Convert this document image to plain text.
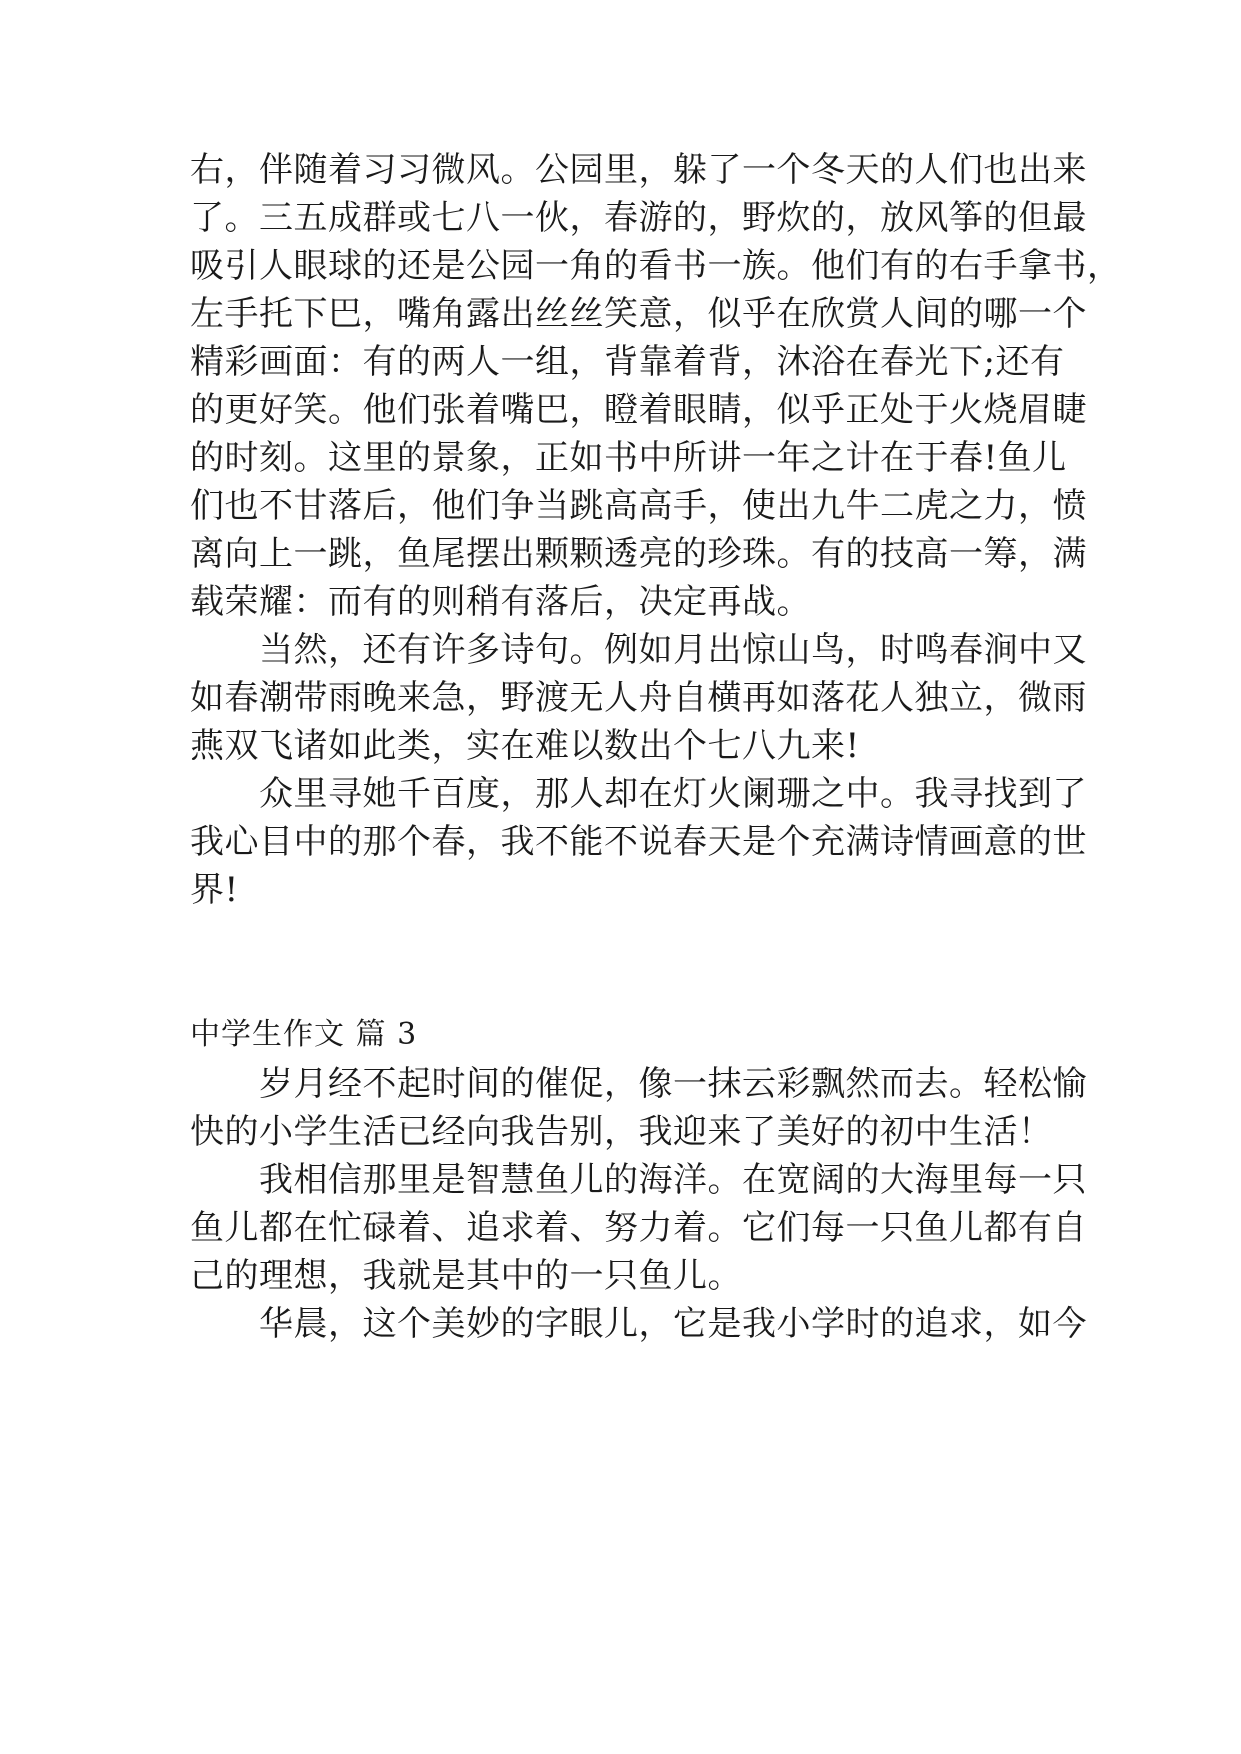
右，伴随着习习微风。公园里，躲了一个冬天的人们也出来
了。三五成群或七八一伙，春游的，野炊的，放风筝的但最
吸引人眼球的还是公园一角的看书一族。他们有的右手拿书，
左手托下巴，嘴角露出丝丝笑意，似乎在欣赏人间的哪一个
精彩画面：有的两人一组，背靠着背，沐浴在春光下;还有
的更好笑。他们张着嘴巴，瞪着眼睛，似乎正处于火烧眉睫
的时刻。这里的景象，正如书中所讲一年之计在于春!鱼儿
们也不甘落后，他们争当跳高高手，使出九牛二虎之力，愤
离向上一跳，鱼尾摆出颗颗透亮的珍珠。有的技高一筹，满
载荣耀：而有的则稍有落后，决定再战。
　　当然，还有许多诗句。例如月出惊山鸟，时鸣春涧中又
如春潮带雨晚来急，野渡无人舟自横再如落花人独立，微雨
燕双飞诸如此类，实在难以数出个七八九来!
　　众里寻她千百度，那人却在灯火阑珊之中。我寻找到了
我心目中的那个春，我不能不说春天是个充满诗情画意的世
界!
中学生作文 篇 3
　　岁月经不起时间的催促，像一抹云彩飘然而去。轻松愉
快的小学生活已经向我告别，我迎来了美好的初中生活！
　　我相信那里是智慧鱼儿的海洋。在宽阔的大海里每一只
鱼儿都在忙碌着、追求着、努力着。它们每一只鱼儿都有自
己的理想，我就是其中的一只鱼儿。
　　华晨，这个美妙的字眼儿，它是我小学时的追求，如今
